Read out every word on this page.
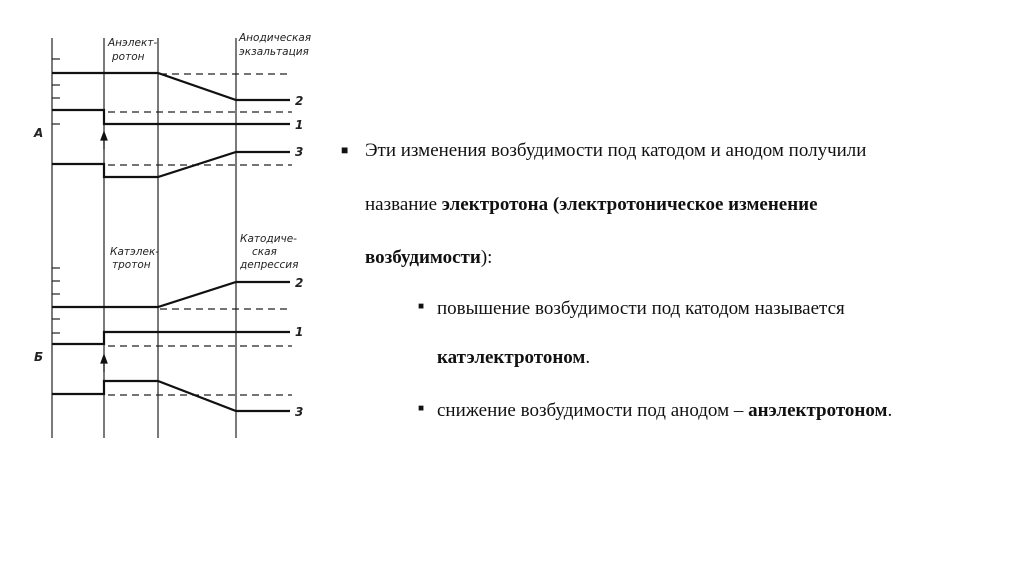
Анэлект-
ротон
Анодическая
экзальтация
А
2
1
3
Катэлек-
тротон
Катодиче-
ская
депрессия
Б
2
1
3
■ Эти изменения возбудимости под катодом и анодом получили
название электротона (электротоническое изменение
возбудимости):
■ повышение возбудимости под катодом называется
катэлектротоном.
■ снижение возбудимости под анодом – анэлектротоном.
